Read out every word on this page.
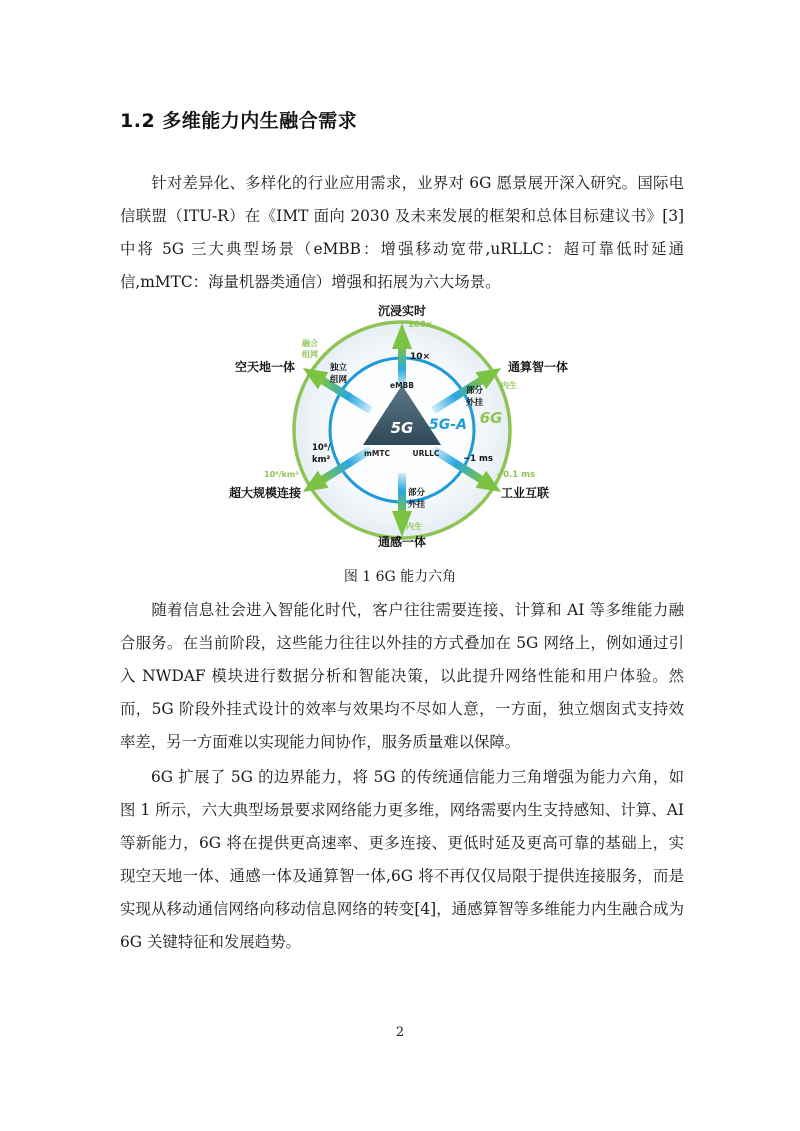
1.2 多维能力内生融合需求
针对差异化、多样化的行业应用需求，业界对 6G 愿景展开深入研究。国际电信联盟（ITU-R）在《IMT 面向 2030 及未来发展的框架和总体目标建议书》[3]中将 5G 三大典型场景（eMBB：增强移动宽带,uRLLC：超可靠低时延通信,mMTC：海量机器类通信）增强和拓展为六大场景。
5G
eMBB
mMTC	URLLC
5G-A 6G
沉浸实时
空天地一体	通算智一体
超大规模连接	工业互联
通感一体
10×
独立
组网
部分
外挂
10⁶/
km²	~1 ms
部分
外挂
100×
融合
组网
内生
10⁸/km²	~0.1 ms
内生
图 1 6G 能力六角
随着信息社会进入智能化时代，客户往往需要连接、计算和 AI 等多维能力融合服务。在当前阶段，这些能力往往以外挂的方式叠加在 5G 网络上，例如通过引入 NWDAF 模块进行数据分析和智能决策，以此提升网络性能和用户体验。然而，5G 阶段外挂式设计的效率与效果均不尽如人意，一方面，独立烟囱式支持效率差，另一方面难以实现能力间协作，服务质量难以保障。
6G 扩展了 5G 的边界能力，将 5G 的传统通信能力三角增强为能力六角，如图 1 所示，六大典型场景要求网络能力更多维，网络需要内生支持感知、计算、AI 等新能力，6G 将在提供更高速率、更多连接、更低时延及更高可靠的基础上，实现空天地一体、通感一体及通算智一体,6G 将不再仅仅局限于提供连接服务，而是实现从移动通信网络向移动信息网络的转变[4]，通感算智等多维能力内生融合成为 6G 关键特征和发展趋势。
2
